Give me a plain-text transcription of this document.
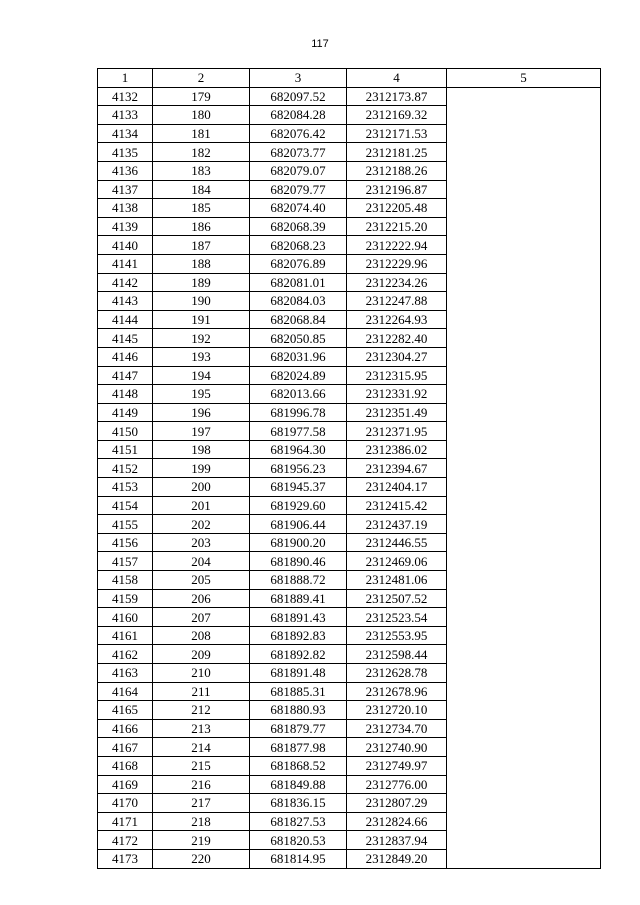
117
1	2	3	4	5
4132	179	682097.52	2312173.87	
4133	180	682084.28	2312169.32	
4134	181	682076.42	2312171.53	
4135	182	682073.77	2312181.25	
4136	183	682079.07	2312188.26	
4137	184	682079.77	2312196.87	
4138	185	682074.40	2312205.48	
4139	186	682068.39	2312215.20	
4140	187	682068.23	2312222.94	
4141	188	682076.89	2312229.96	
4142	189	682081.01	2312234.26	
4143	190	682084.03	2312247.88	
4144	191	682068.84	2312264.93	
4145	192	682050.85	2312282.40	
4146	193	682031.96	2312304.27	
4147	194	682024.89	2312315.95	
4148	195	682013.66	2312331.92	
4149	196	681996.78	2312351.49	
4150	197	681977.58	2312371.95	
4151	198	681964.30	2312386.02	
4152	199	681956.23	2312394.67	
4153	200	681945.37	2312404.17	
4154	201	681929.60	2312415.42	
4155	202	681906.44	2312437.19	
4156	203	681900.20	2312446.55	
4157	204	681890.46	2312469.06	
4158	205	681888.72	2312481.06	
4159	206	681889.41	2312507.52	
4160	207	681891.43	2312523.54	
4161	208	681892.83	2312553.95	
4162	209	681892.82	2312598.44	
4163	210	681891.48	2312628.78	
4164	211	681885.31	2312678.96	
4165	212	681880.93	2312720.10	
4166	213	681879.77	2312734.70	
4167	214	681877.98	2312740.90	
4168	215	681868.52	2312749.97	
4169	216	681849.88	2312776.00	
4170	217	681836.15	2312807.29	
4171	218	681827.53	2312824.66	
4172	219	681820.53	2312837.94	
4173	220	681814.95	2312849.20	
